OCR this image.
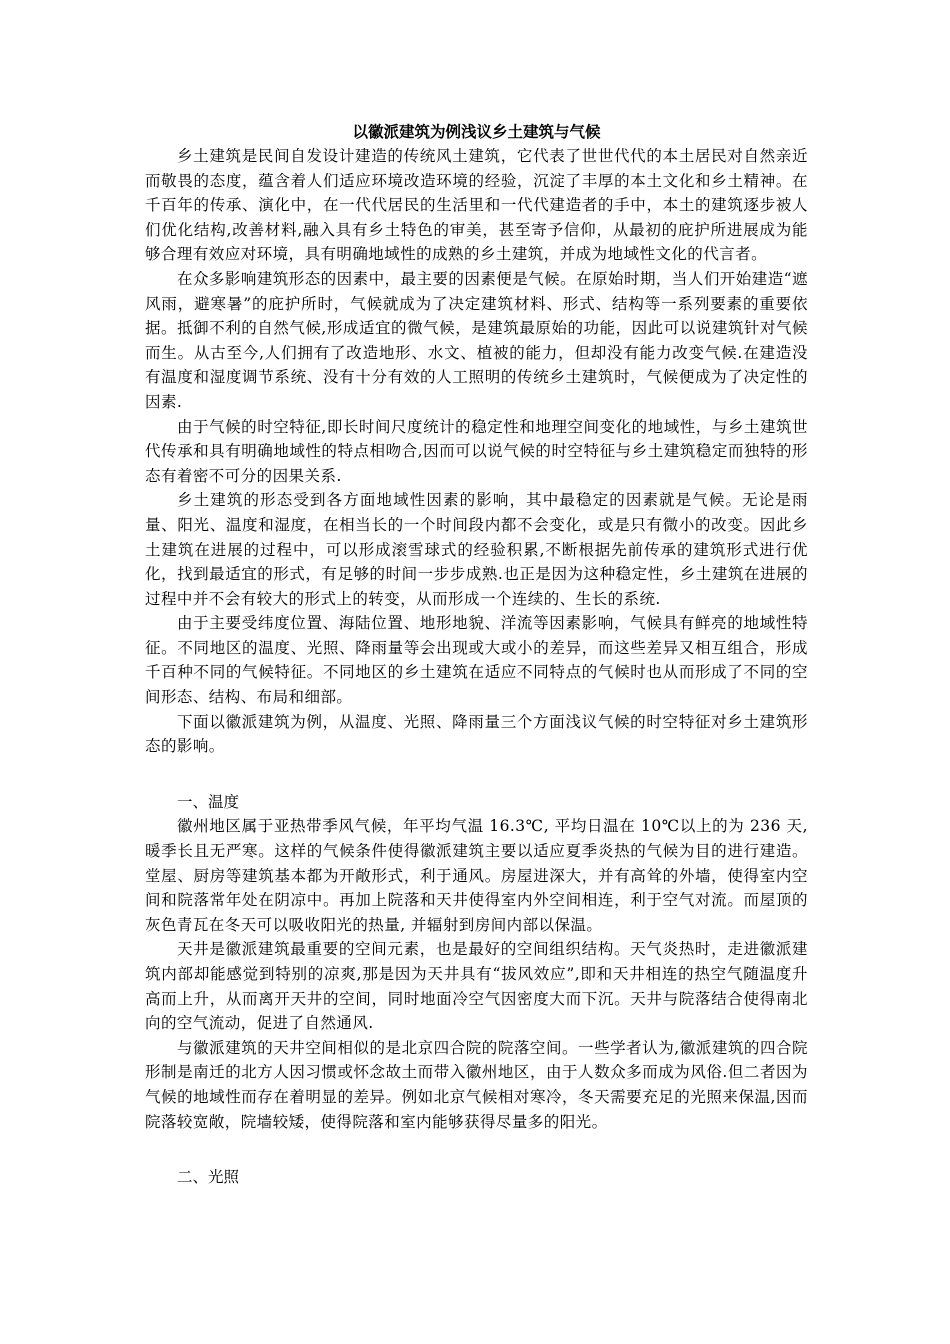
以徽派建筑为例浅议乡土建筑与气候

乡土建筑是民间自发设计建造的传统风土建筑，它代表了世世代代的本土居民对自然亲近而敬畏的态度，蕴含着人们适应环境改造环境的经验，沉淀了丰厚的本土文化和乡土精神。在千百年的传承、演化中，在一代代居民的生活里和一代代建造者的手中，本土的建筑逐步被人们优化结构,改善材料,融入具有乡土特色的审美，甚至寄予信仰，从最初的庇护所进展成为能够合理有效应对环境，具有明确地域性的成熟的乡土建筑，并成为地域性文化的代言者。

在众多影响建筑形态的因素中，最主要的因素便是气候。在原始时期，当人们开始建造“遮风雨，避寒暑”的庇护所时，气候就成为了决定建筑材料、形式、结构等一系列要素的重要依据。抵御不利的自然气候,形成适宜的微气候，是建筑最原始的功能，因此可以说建筑针对气候而生。从古至今,人们拥有了改造地形、水文、植被的能力，但却没有能力改变气候.在建造没有温度和湿度调节系统、没有十分有效的人工照明的传统乡土建筑时，气候便成为了决定性的因素.

由于气候的时空特征,即长时间尺度统计的稳定性和地理空间变化的地域性，与乡土建筑世代传承和具有明确地域性的特点相吻合,因而可以说气候的时空特征与乡土建筑稳定而独特的形态有着密不可分的因果关系.

乡土建筑的形态受到各方面地域性因素的影响，其中最稳定的因素就是气候。无论是雨量、阳光、温度和湿度，在相当长的一个时间段内都不会变化，或是只有微小的改变。因此乡土建筑在进展的过程中，可以形成滚雪球式的经验积累,不断根据先前传承的建筑形式进行优化，找到最适宜的形式，有足够的时间一步步成熟.也正是因为这种稳定性，乡土建筑在进展的过程中并不会有较大的形式上的转变，从而形成一个连续的、生长的系统.

由于主要受纬度位置、海陆位置、地形地貌、洋流等因素影响，气候具有鲜亮的地域性特征。不同地区的温度、光照、降雨量等会出现或大或小的差异，而这些差异又相互组合，形成千百种不同的气候特征。不同地区的乡土建筑在适应不同特点的气候时也从而形成了不同的空间形态、结构、布局和细部。

下面以徽派建筑为例，从温度、光照、降雨量三个方面浅议气候的时空特征对乡土建筑形态的影响。

一、温度

徽州地区属于亚热带季风气候，年平均气温 16.3℃, 平均日温在 10℃以上的为 236 天,暖季长且无严寒。这样的气候条件使得徽派建筑主要以适应夏季炎热的气候为目的进行建造。堂屋、厨房等建筑基本都为开敞形式，利于通风。房屋进深大，并有高耸的外墙，使得室内空间和院落常年处在阴凉中。再加上院落和天井使得室内外空间相连，利于空气对流。而屋顶的灰色青瓦在冬天可以吸收阳光的热量, 并辐射到房间内部以保温。

天井是徽派建筑最重要的空间元素，也是最好的空间组织结构。天气炎热时，走进徽派建筑内部却能感觉到特别的凉爽,那是因为天井具有“拔风效应”,即和天井相连的热空气随温度升高而上升，从而离开天井的空间，同时地面冷空气因密度大而下沉。天井与院落结合使得南北向的空气流动，促进了自然通风.

与徽派建筑的天井空间相似的是北京四合院的院落空间。一些学者认为,徽派建筑的四合院形制是南迁的北方人因习惯或怀念故土而带入徽州地区，由于人数众多而成为风俗.但二者因为气候的地域性而存在着明显的差异。例如北京气候相对寒冷，冬天需要充足的光照来保温,因而院落较宽敞，院墙较矮，使得院落和室内能够获得尽量多的阳光。

二、光照
